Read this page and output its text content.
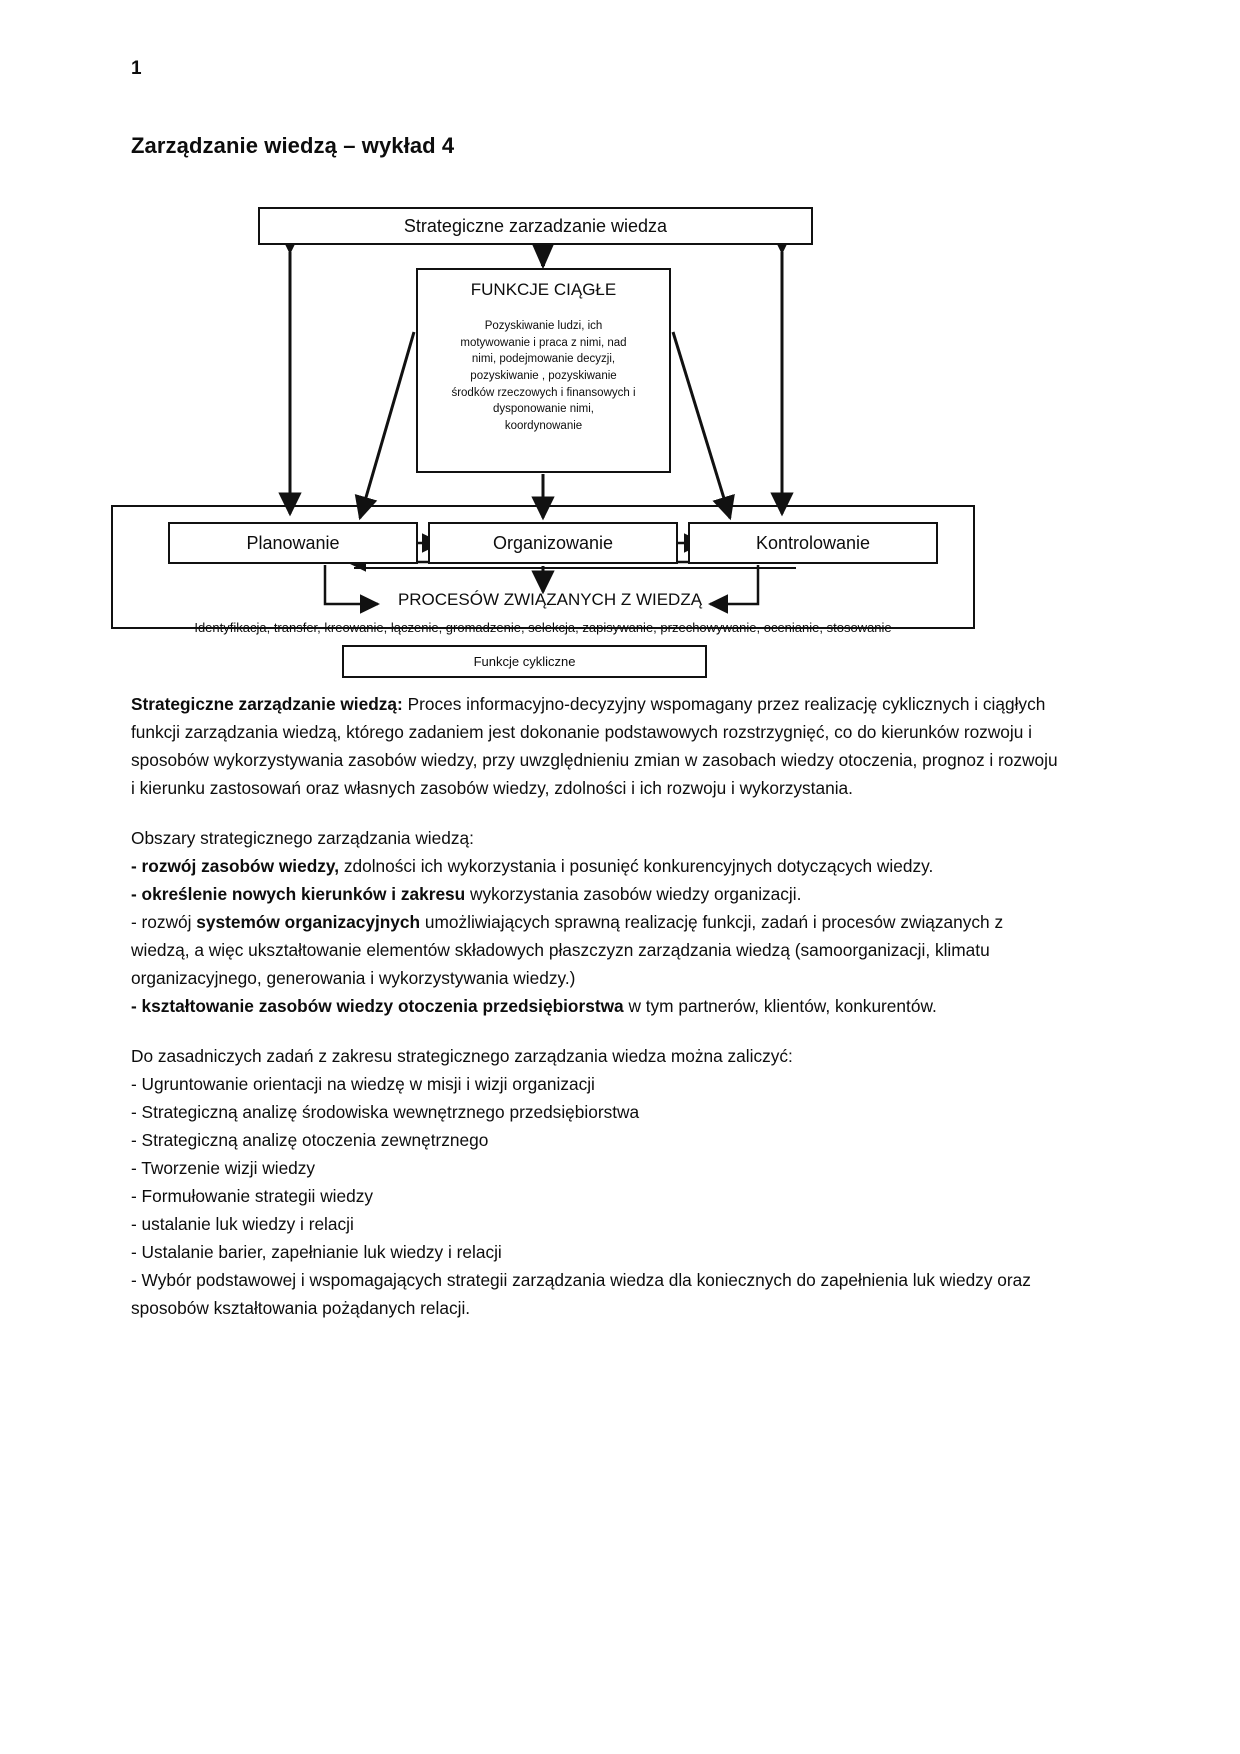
1
Zarządzanie wiedzą – wykład 4
Strategiczne zarzadzanie wiedza
FUNKCJE CIĄGŁE
Pozyskiwanie ludzi, ich
motywowanie i praca z nimi, nad
nimi, podejmowanie decyzji,
pozyskiwanie , pozyskiwanie
środków rzeczowych i finansowych i
dysponowanie nimi,
koordynowanie
Planowanie	Organizowanie	Kontrolowanie
PROCESÓW ZWIĄZANYCH Z WIEDZĄ
Identyfikacja, transfer, kreowanie, łączenie, gromadzenie, selekcja, zapisywanie, przechowywanie, ocenianie, stosowanie
Funkcje cykliczne

Strategiczne zarządzanie wiedzą: Proces informacyjno-decyzyjny wspomagany przez realizację cyklicznych i ciągłych funkcji zarządzania wiedzą, którego zadaniem jest dokonanie podstawowych rozstrzygnięć, co do kierunków rozwoju i sposobów wykorzystywania zasobów wiedzy, przy uwzględnieniu zmian w zasobach wiedzy otoczenia, prognoz i rozwoju i kierunku zastosowań oraz własnych zasobów wiedzy, zdolności i ich rozwoju i wykorzystania.

Obszary strategicznego zarządzania wiedzą:

- rozwój zasobów wiedzy, zdolności ich wykorzystania i posunięć konkurencyjnych dotyczących wiedzy.

- określenie nowych kierunków i zakresu wykorzystania zasobów wiedzy organizacji.

- rozwój systemów organizacyjnych umożliwiających sprawną realizację funkcji, zadań i procesów związanych z wiedzą, a więc ukształtowanie elementów składowych płaszczyzn zarządzania wiedzą (samoorganizacji, klimatu organizacyjnego, generowania i wykorzystywania wiedzy.)

- kształtowanie zasobów wiedzy otoczenia przedsiębiorstwa w tym partnerów, klientów, konkurentów.

Do zasadniczych zadań z zakresu strategicznego zarządzania wiedza można zaliczyć:

- Ugruntowanie orientacji na wiedzę w misji i wizji organizacji

- Strategiczną analizę środowiska wewnętrznego przedsiębiorstwa

- Strategiczną analizę otoczenia zewnętrznego

- Tworzenie wizji wiedzy

- Formułowanie strategii wiedzy

- ustalanie luk wiedzy i relacji

- Ustalanie barier, zapełnianie luk wiedzy i relacji

- Wybór podstawowej i wspomagających strategii zarządzania wiedza dla koniecznych do zapełnienia luk wiedzy oraz sposobów kształtowania pożądanych relacji.
